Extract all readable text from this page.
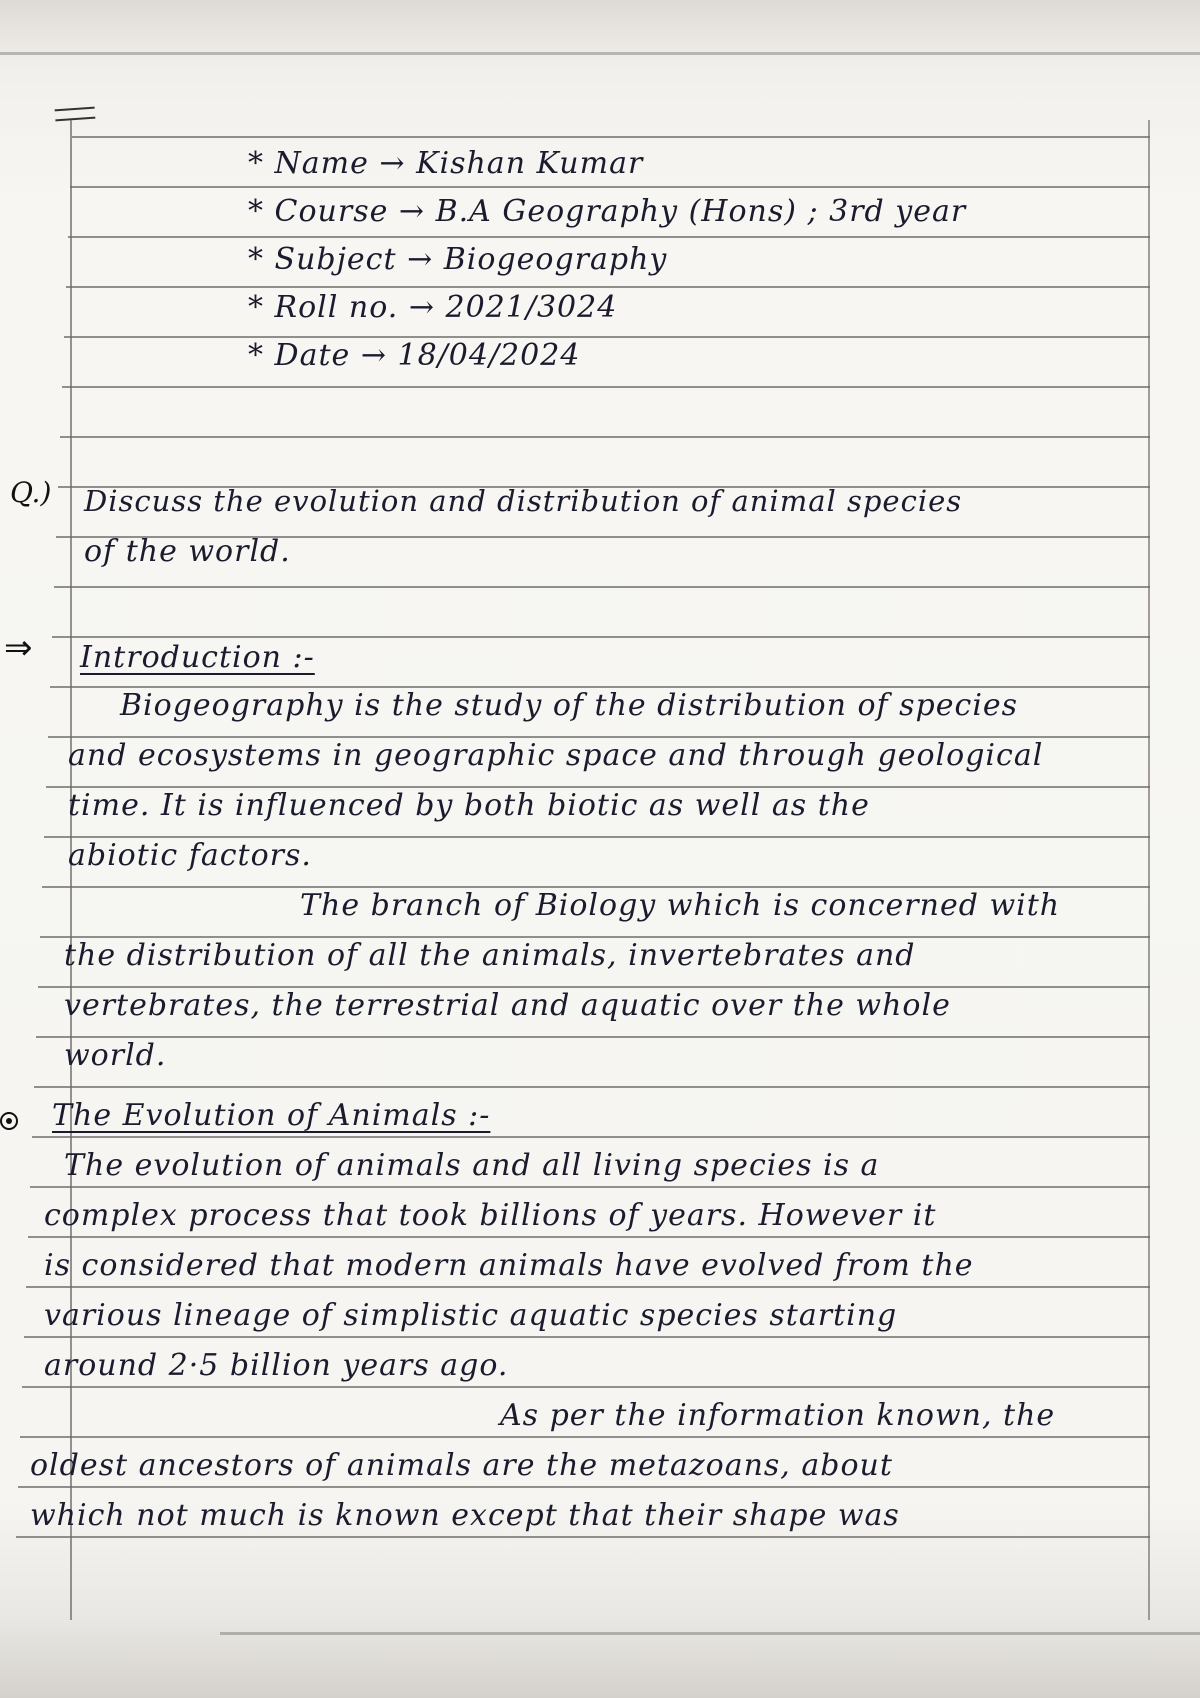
* Name → Kishan Kumar
* Course → B.A Geography (Hons) ; 3rd year
* Subject → Biogeography
* Roll no. → 2021/3024
* Date → 18/04/2024
Q.) Discuss the evolution and distribution of animal species
of the world.
⇒ Introduction :-
Biogeography is the study of the distribution of species
and ecosystems in geographic space and through geological
time. It is influenced by both biotic as well as the
abiotic factors.
The branch of Biology which is concerned with
the distribution of all the animals, invertebrates and
vertebrates, the terrestrial and aquatic over the whole
world.
The Evolution of Animals :-
The evolution of animals and all living species is a
complex process that took billions of years. However it
is considered that modern animals have evolved from the
various lineage of simplistic aquatic species starting
around 2·5 billion years ago.
As per the information known, the
oldest ancestors of animals are the metazoans, about
which not much is known except that their shape was
